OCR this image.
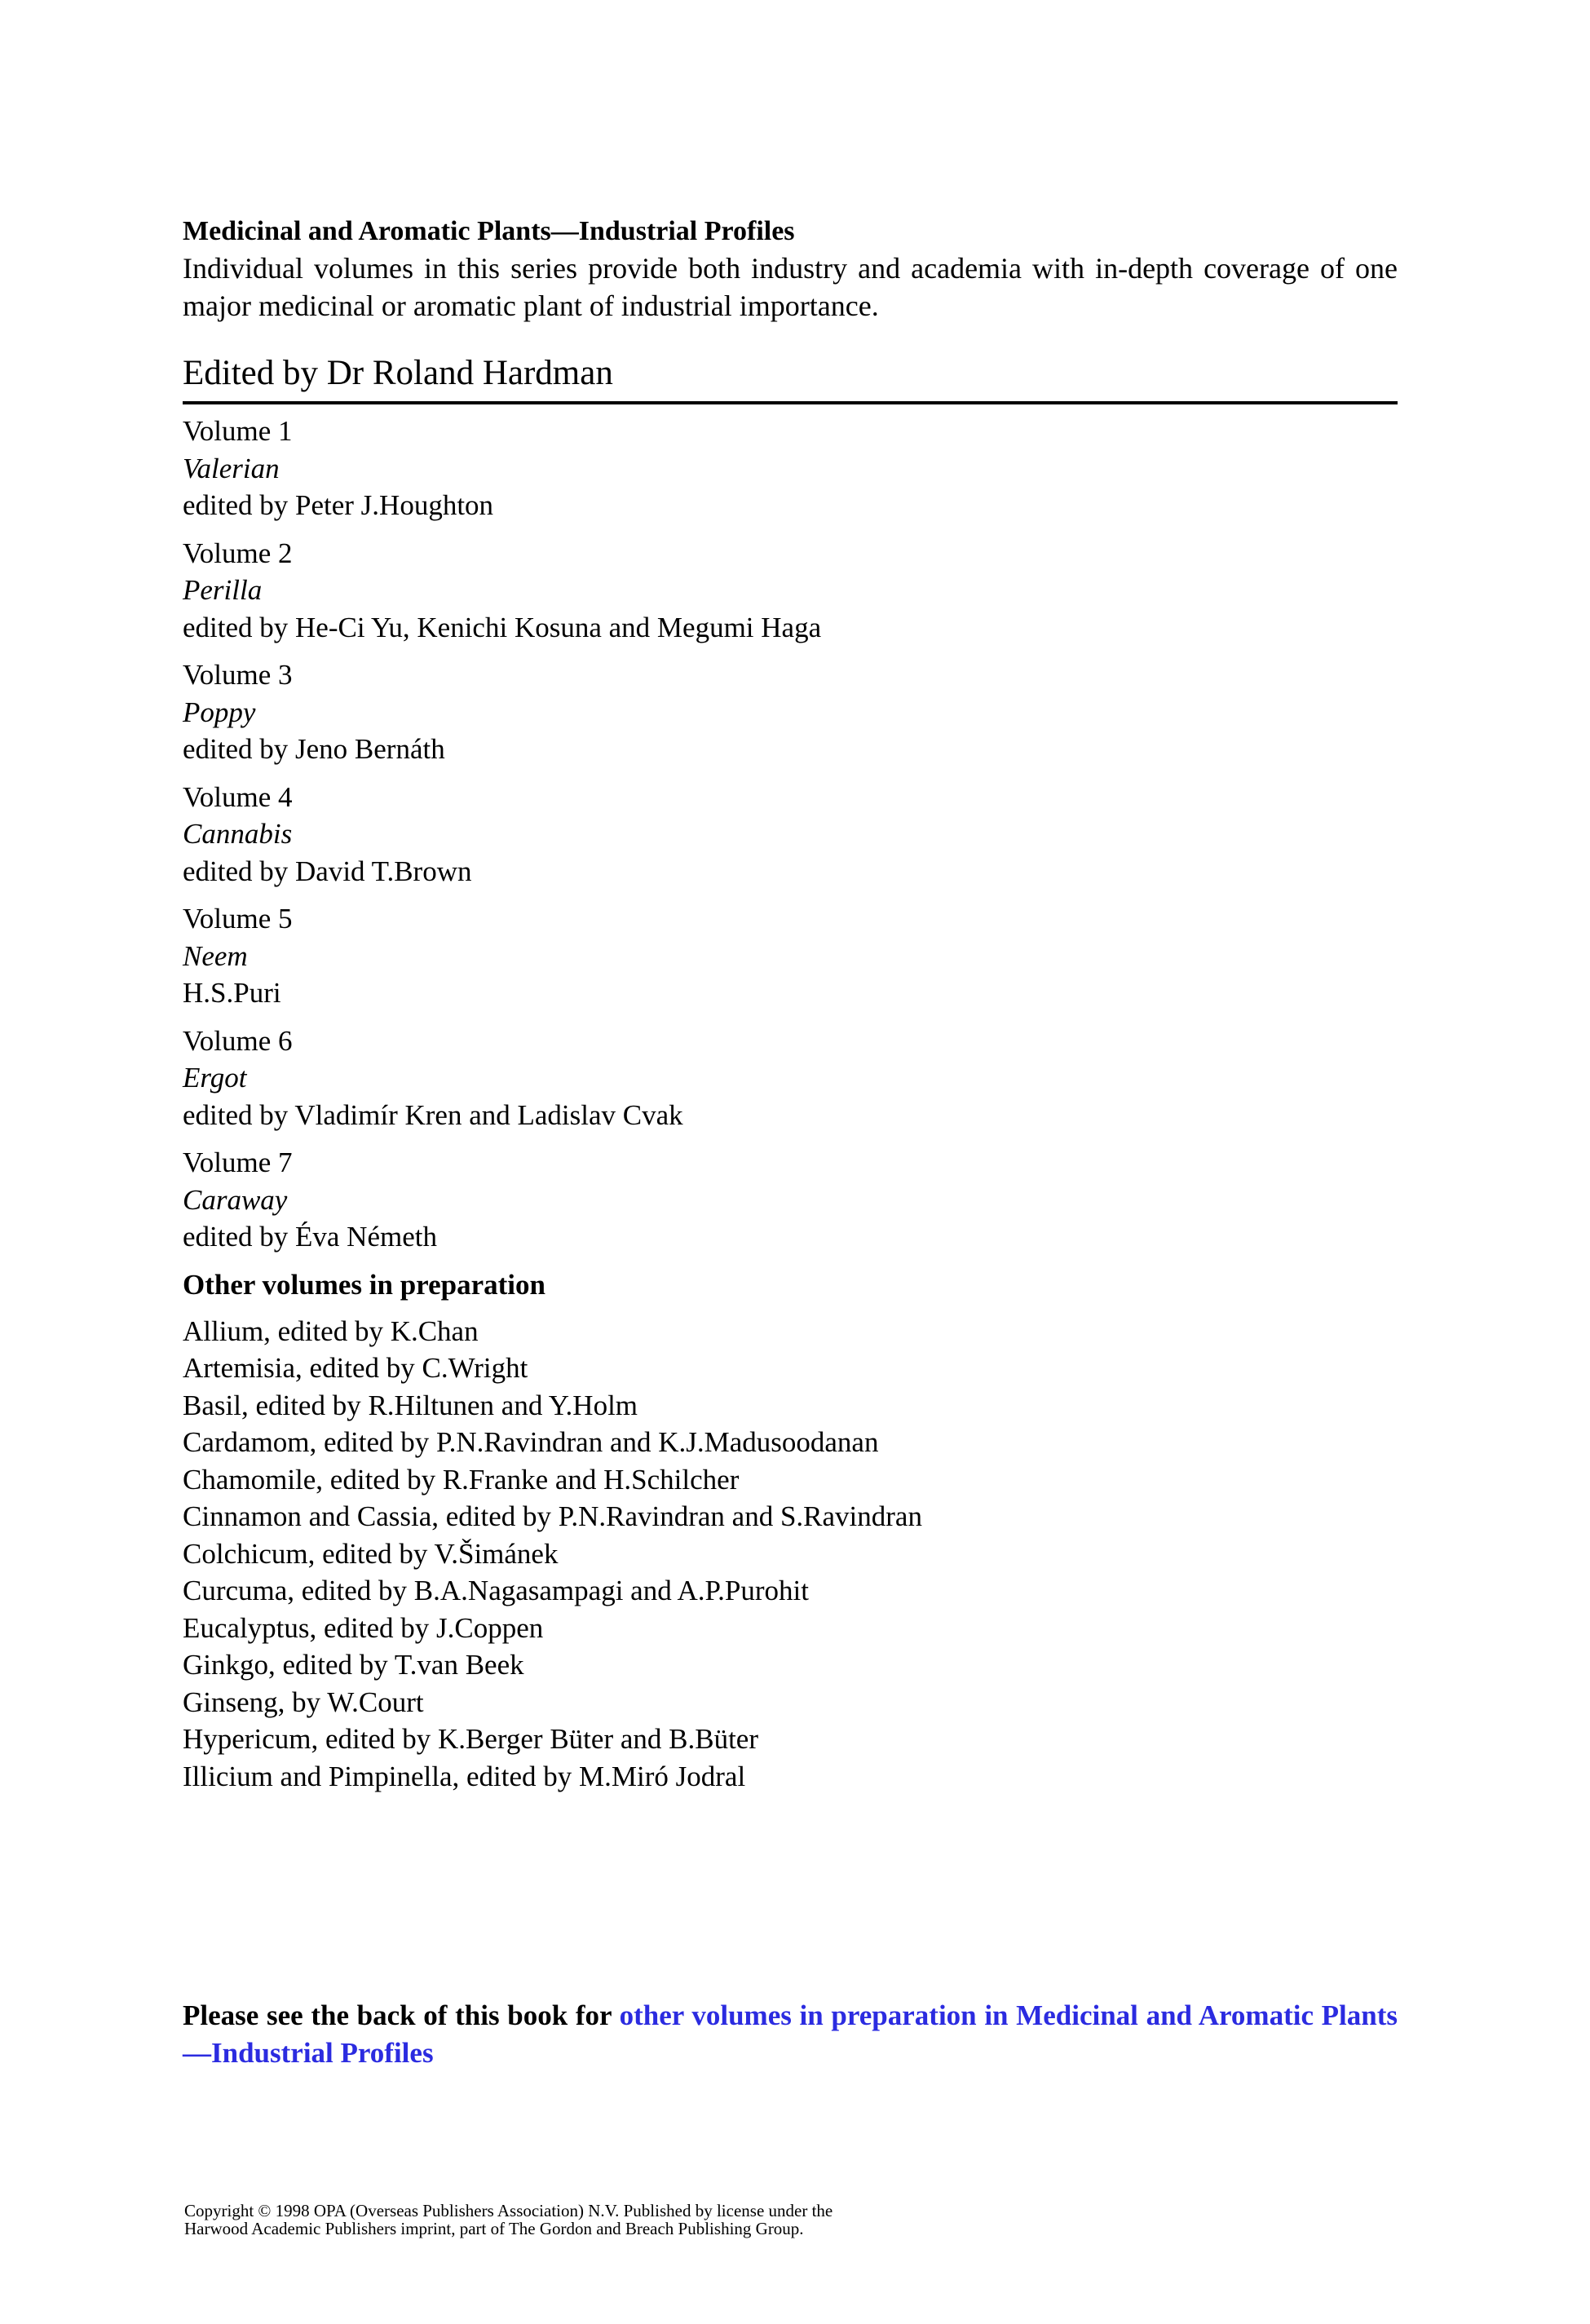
Medicinal and Aromatic Plants—Industrial Profiles

Individual volumes in this series provide both industry and academia with in-depth coverage of one major medicinal or aromatic plant of industrial importance.

Edited by Dr Roland Hardman
Volume 1
Valerian
edited by Peter J.Houghton
Volume 2
Perilla
edited by He-Ci Yu, Kenichi Kosuna and Megumi Haga
Volume 3
Poppy
edited by Jeno Bernáth
Volume 4
Cannabis
edited by David T.Brown
Volume 5
Neem
H.S.Puri
Volume 6
Ergot
edited by Vladimír Kren and Ladislav Cvak
Volume 7
Caraway
edited by Éva Németh
Other volumes in preparation
Allium, edited by K.Chan
Artemisia, edited by C.Wright
Basil, edited by R.Hiltunen and Y.Holm
Cardamom, edited by P.N.Ravindran and K.J.Madusoodanan
Chamomile, edited by R.Franke and H.Schilcher
Cinnamon and Cassia, edited by P.N.Ravindran and S.Ravindran
Colchicum, edited by V.Šimánek
Curcuma, edited by B.A.Nagasampagi and A.P.Purohit
Eucalyptus, edited by J.Coppen
Ginkgo, edited by T.van Beek
Ginseng, by W.Court
Hypericum, edited by K.Berger Büter and B.Büter
Illicium and Pimpinella, edited by M.Miró Jodral
Please see the back of this book for other volumes in preparation in Medicinal and Aromatic Plants—Industrial Profiles
Copyright © 1998 OPA (Overseas Publishers Association) N.V. Published by license under the
Harwood Academic Publishers imprint, part of The Gordon and Breach Publishing Group.
